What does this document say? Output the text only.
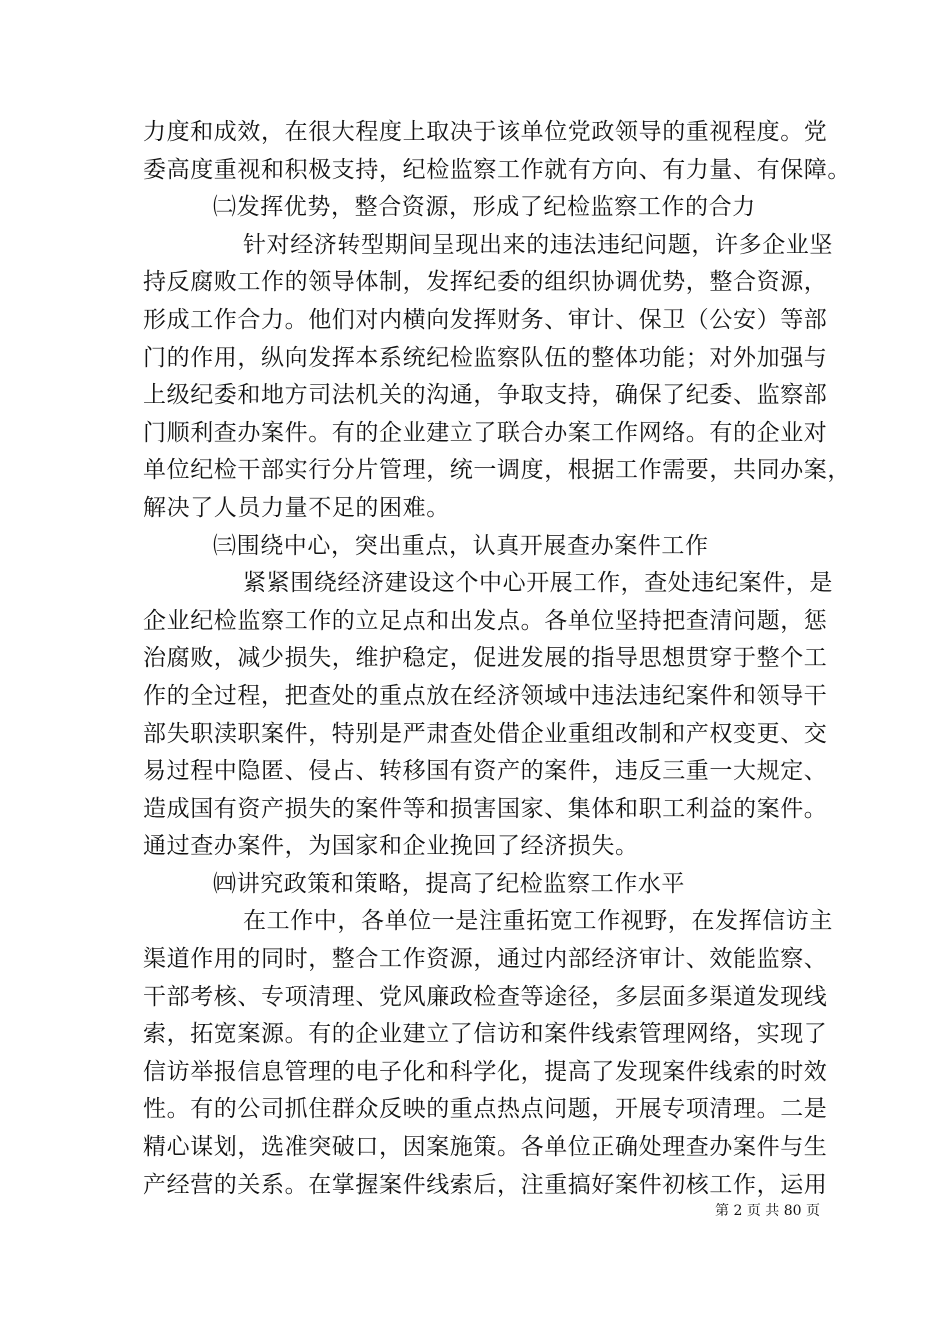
力度和成效，在很大程度上取决于该单位党政领导的重视程度。党
委高度重视和积极支持，纪检监察工作就有方向、有力量、有保障。
㈡发挥优势，整合资源，形成了纪检监察工作的合力
针对经济转型期间呈现出来的违法违纪问题，许多企业坚
持反腐败工作的领导体制，发挥纪委的组织协调优势，整合资源，
形成工作合力。他们对内横向发挥财务、审计、保卫（公安）等部
门的作用，纵向发挥本系统纪检监察队伍的整体功能；对外加强与
上级纪委和地方司法机关的沟通，争取支持，确保了纪委、监察部
门顺利查办案件。有的企业建立了联合办案工作网络。有的企业对
单位纪检干部实行分片管理，统一调度，根据工作需要，共同办案，
解决了人员力量不足的困难。
㈢围绕中心，突出重点，认真开展查办案件工作
紧紧围绕经济建设这个中心开展工作，查处违纪案件，是
企业纪检监察工作的立足点和出发点。各单位坚持把查清问题，惩
治腐败，减少损失，维护稳定，促进发展的指导思想贯穿于整个工
作的全过程，把查处的重点放在经济领域中违法违纪案件和领导干
部失职渎职案件，特别是严肃查处借企业重组改制和产权变更、交
易过程中隐匿、侵占、转移国有资产的案件，违反三重一大规定、
造成国有资产损失的案件等和损害国家、集体和职工利益的案件。
通过查办案件，为国家和企业挽回了经济损失。
㈣讲究政策和策略，提高了纪检监察工作水平
在工作中，各单位一是注重拓宽工作视野，在发挥信访主
渠道作用的同时，整合工作资源，通过内部经济审计、效能监察、
干部考核、专项清理、党风廉政检查等途径，多层面多渠道发现线
索，拓宽案源。有的企业建立了信访和案件线索管理网络，实现了
信访举报信息管理的电子化和科学化，提高了发现案件线索的时效
性。有的公司抓住群众反映的重点热点问题，开展专项清理。二是
精心谋划，选准突破口，因案施策。各单位正确处理查办案件与生
产经营的关系。在掌握案件线索后，注重搞好案件初核工作，运用
第 2 页 共 80 页
